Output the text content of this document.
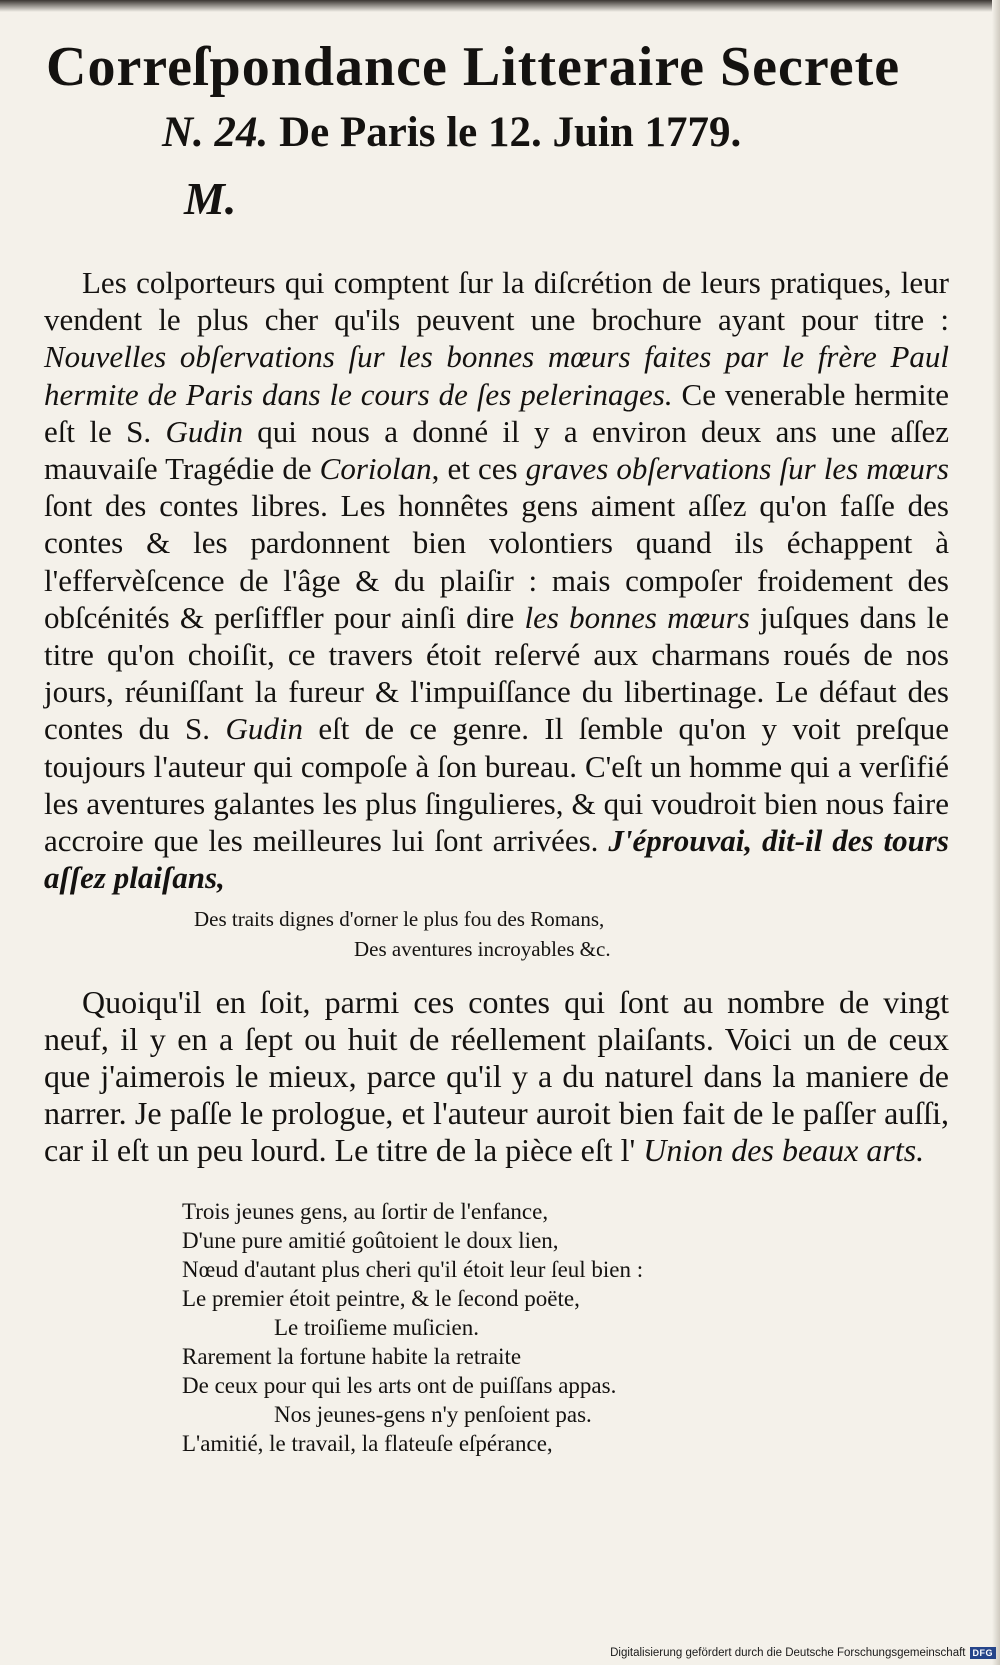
Correſpondance Litteraire Secrete
N. 24. De Paris le 12. Juin 1779.
M.

Les colporteurs qui comptent ſur la diſcrétion de leurs pratiques, leur vendent le plus cher qu'ils peuvent une brochure ayant pour titre : Nouvelles obſervations ſur les bonnes mœurs faites par le frère Paul hermite de Paris dans le cours de ſes pelerinages. Ce venerable hermite eſt le S. Gudin qui nous a donné il y a environ deux ans une aſſez mauvaiſe Tragédie de Coriolan, et ces graves obſervations ſur les mœurs ſont des contes libres. Les honnêtes gens aiment aſſez qu'on faſſe des contes & les pardonnent bien volontiers quand ils échappent à l'effervèſcence de l'âge & du plaiſir : mais compoſer froidement des obſcénités & perſiffler pour ainſi dire les bonnes mœurs juſques dans le titre qu'on choiſit, ce travers étoit reſervé aux charmans roués de nos jours, réuniſſant la fureur & l'impuiſſance du libertinage. Le défaut des contes du S. Gudin eſt de ce genre. Il ſemble qu'on y voit preſque toujours l'auteur qui compoſe à ſon bureau. C'eſt un homme qui a verſifié les aventures galantes les plus ſingulieres, & qui voudroit bien nous faire accroire que les meilleures lui ſont arrivées. J'éprouvai, dit-il des tours aſſez plaiſans,

Des traits dignes d'orner le plus fou des Romans,
Des aventures incroyables &c.

Quoiqu'il en ſoit, parmi ces contes qui ſont au nombre de vingt neuf, il y en a ſept ou huit de réellement plaiſants. Voici un de ceux que j'aimerois le mieux, parce qu'il y a du naturel dans la maniere de narrer. Je paſſe le prologue, et l'auteur auroit bien fait de le paſſer auſſi, car il eſt un peu lourd. Le titre de la pièce eſt l' Union des beaux arts.

Trois jeunes gens, au ſortir de l'enfance,
D'une pure amitié goûtoient le doux lien,
Nœud d'autant plus cheri qu'il étoit leur ſeul bien :
Le premier étoit peintre, & le ſecond poëte,
Le troiſieme muſicien.
Rarement la fortune habite la retraite
De ceux pour qui les arts ont de puiſſans appas.
Nos jeunes-gens n'y penſoient pas.
L'amitié, le travail, la flateuſe eſpérance,
Digitalisierung gefördert durch die Deutsche Forschungsgemeinschaft DFG
